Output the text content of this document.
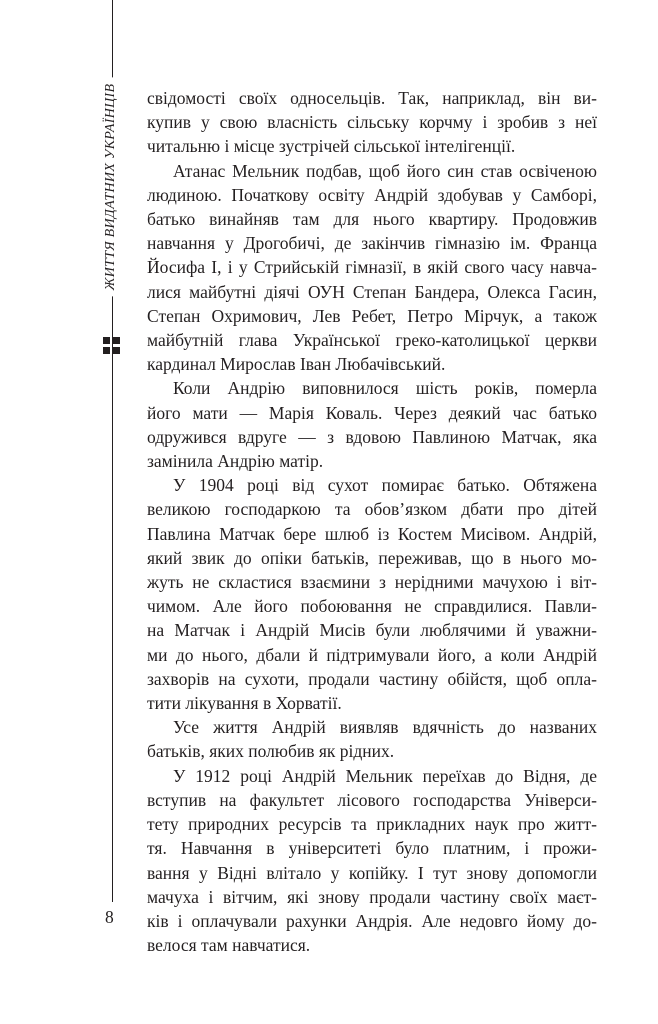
ЖИТТЯ ВИДАТНИХ УКРАЇНЦІВ свідомості своїх односельців. Так, наприклад, він ви-

купив у свою власність сільську корчму і зробив з неї

читальню і місце зустрічей сільської інтелігенції.

Атанас Мельник подбав, щоб його син став освіченою

людиною. Початкову освіту Андрій здобував у Самборі,

батько винайняв там для нього квартиру. Продовжив

навчання у Дрогобичі, де закінчив гімназію ім. Франца

Йосифа I, і у Стрийській гімназії, в якій свого часу навча-

лися майбутні діячі ОУН Степан Бандера, Олекса Гасин,

Степан Охримович, Лев Ребет, Петро Мірчук, а також

майбутній глава Української греко-католицької церкви

кардинал Мирослав Іван Любачівський.

Коли Андрію виповнилося шість років, померла

його мати — Марія Коваль. Через деякий час батько

одружився вдруге — з вдовою Павлиною Матчак, яка

замінила Андрію матір.

У 1904 році від сухот помирає батько. Обтяжена

великою господаркою та обов’язком дбати про дітей

Павлина Матчак бере шлюб із Костем Мисівом. Андрій,

який звик до опіки батьків, переживав, що в нього мо-

жуть не скластися взаємини з нерідними мачухою і віт-

чимом. Але його побоювання не справдилися. Павли-

на Матчак і Андрій Мисів були люблячими й уважни-

ми до нього, дбали й підтримували його, а коли Андрій

захворів на сухоти, продали частину обійстя, щоб опла-

тити лікування в Хорватії.

Усе життя Андрій виявляв вдячність до названих

батьків, яких полюбив як рідних.

У 1912 році Андрій Мельник переїхав до Відня, де

вступив на факультет лісового господарства Універси-

тету природних ресурсів та прикладних наук про житт-

тя. Навчання в університеті було платним, і прожи-

вання у Відні влітало у копійку. І тут знову допомогли

мачуха і вітчим, які знову продали частину своїх маєт-

ків і оплачували рахунки Андрія. Але недовго йому до-

велося там навчатися.

8
